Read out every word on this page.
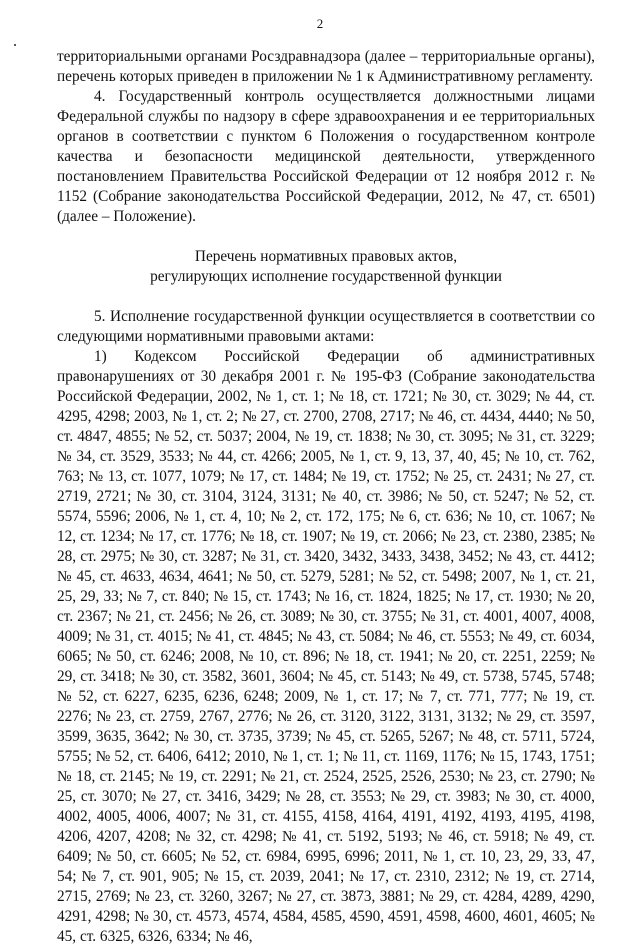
2

территориальными органами Росздравнадзора (далее – территориальные органы), перечень которых приведен в приложении № 1 к Административному регламенту.

4. Государственный контроль осуществляется должностными лицами Федеральной службы по надзору в сфере здравоохранения и ее территориальных органов в соответствии с пунктом 6 Положения о государственном контроле качества и безопасности медицинской деятельности, утвержденного постановлением Правительства Российской Федерации от 12 ноября 2012 г. № 1152 (Собрание законодательства Российской Федерации, 2012, № 47, ст. 6501) (далее – Положение).

Перечень нормативных правовых актов, регулирующих исполнение государственной функции

5. Исполнение государственной функции осуществляется в соответствии со следующими нормативными правовыми актами:

1) Кодексом Российской Федерации об административных правонарушениях от 30 декабря 2001 г. № 195-ФЗ (Собрание законодательства Российской Федерации, 2002, № 1, ст. 1; № 18, ст. 1721; № 30, ст. 3029; № 44, ст. 4295, 4298; 2003, № 1, ст. 2; № 27, ст. 2700, 2708, 2717; № 46, ст. 4434, 4440; № 50, ст. 4847, 4855; № 52, ст. 5037; 2004, № 19, ст. 1838; № 30, ст. 3095; № 31, ст. 3229; № 34, ст. 3529, 3533; № 44, ст. 4266; 2005, № 1, ст. 9, 13, 37, 40, 45; № 10, ст. 762, 763; № 13, ст. 1077, 1079; № 17, ст. 1484; № 19, ст. 1752; № 25, ст. 2431; № 27, ст. 2719, 2721; № 30, ст. 3104, 3124, 3131; № 40, ст. 3986; № 50, ст. 5247; № 52, ст. 5574, 5596; 2006, № 1, ст. 4, 10; № 2, ст. 172, 175; № 6, ст. 636; № 10, ст. 1067; № 12, ст. 1234; № 17, ст. 1776; № 18, ст. 1907; № 19, ст. 2066; № 23, ст. 2380, 2385; № 28, ст. 2975; № 30, ст. 3287; № 31, ст. 3420, 3432, 3433, 3438, 3452; № 43, ст. 4412; № 45, ст. 4633, 4634, 4641; № 50, ст. 5279, 5281; № 52, ст. 5498; 2007, № 1, ст. 21, 25, 29, 33; № 7, ст. 840; № 15, ст. 1743; № 16, ст. 1824, 1825; № 17, ст. 1930; № 20, ст. 2367; № 21, ст. 2456; № 26, ст. 3089; № 30, ст. 3755; № 31, ст. 4001, 4007, 4008, 4009; № 31, ст. 4015; № 41, ст. 4845; № 43, ст. 5084; № 46, ст. 5553; № 49, ст. 6034, 6065; № 50, ст. 6246; 2008, № 10, ст. 896; № 18, ст. 1941; № 20, ст. 2251, 2259; № 29, ст. 3418; № 30, ст. 3582, 3601, 3604; № 45, ст. 5143; № 49, ст. 5738, 5745, 5748; № 52, ст. 6227, 6235, 6236, 6248; 2009, № 1, ст. 17; № 7, ст. 771, 777; № 19, ст. 2276; № 23, ст. 2759, 2767, 2776; № 26, ст. 3120, 3122, 3131, 3132; № 29, ст. 3597, 3599, 3635, 3642; № 30, ст. 3735, 3739; № 45, ст. 5265, 5267; № 48, ст. 5711, 5724, 5755; № 52, ст. 6406, 6412; 2010, № 1, ст. 1; № 11, ст. 1169, 1176; № 15, 1743, 1751; № 18, ст. 2145; № 19, ст. 2291; № 21, ст. 2524, 2525, 2526, 2530; № 23, ст. 2790; № 25, ст. 3070; № 27, ст. 3416, 3429; № 28, ст. 3553; № 29, ст. 3983; № 30, ст. 4000, 4002, 4005, 4006, 4007; № 31, ст. 4155, 4158, 4164, 4191, 4192, 4193, 4195, 4198, 4206, 4207, 4208; № 32, ст. 4298; № 41, ст. 5192, 5193; № 46, ст. 5918; № 49, ст. 6409; № 50, ст. 6605; № 52, ст. 6984, 6995, 6996; 2011, № 1, ст. 10, 23, 29, 33, 47, 54; № 7, ст. 901, 905; № 15, ст. 2039, 2041; № 17, ст. 2310, 2312; № 19, ст. 2714, 2715, 2769; № 23, ст. 3260, 3267; № 27, ст. 3873, 3881; № 29, ст. 4284, 4289, 4290, 4291, 4298; № 30, ст. 4573, 4574, 4584, 4585, 4590, 4591, 4598, 4600, 4601, 4605; № 45, ст. 6325, 6326, 6334; № 46,
